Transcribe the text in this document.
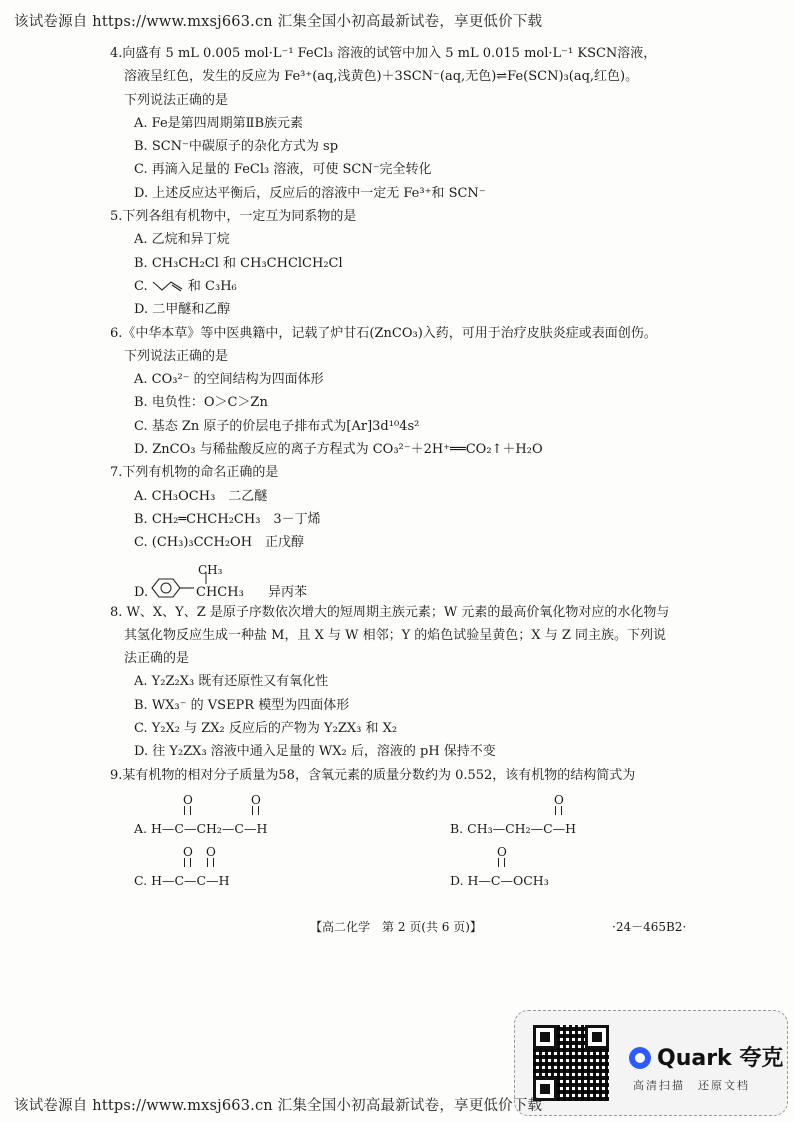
该试卷源自 https://www.mxsj663.cn 汇集全国小初高最新试卷，享更低价下载
4.向盛有 5 mL 0.005 mol·L⁻¹ FeCl₃ 溶液的试管中加入 5 mL 0.015 mol·L⁻¹ KSCN溶液，
溶液呈红色，发生的反应为 Fe³⁺(aq,浅黄色)＋3SCN⁻(aq,无色)⇌Fe(SCN)₃(aq,红色)。
下列说法正确的是
A. Fe是第四周期第ⅡB族元素
B. SCN⁻中碳原子的杂化方式为 sp
C. 再滴入足量的 FeCl₃ 溶液，可使 SCN⁻完全转化
D. 上述反应达平衡后，反应后的溶液中一定无 Fe³⁺和 SCN⁻
5.下列各组有机物中，一定互为同系物的是
A. 乙烷和异丁烷
B. CH₃CH₂Cl 和 CH₃CHClCH₂Cl
C.	和 C₃H₆
D. 二甲醚和乙醇
6.《中华本草》等中医典籍中，记载了炉甘石(ZnCO₃)入药，可用于治疗皮肤炎症或表面创伤。
下列说法正确的是
A. CO₃²⁻ 的空间结构为四面体形
B. 电负性：O＞C＞Zn
C. 基态 Zn 原子的价层电子排布式为[Ar]3d¹⁰4s²
D. ZnCO₃ 与稀盐酸反应的离子方程式为 CO₃²⁻＋2H⁺══CO₂↑＋H₂O
7.下列有机物的命名正确的是
A. CH₃OCH₃　二乙醚
B. CH₂═CHCH₂CH₃　3－丁烯
C. (CH₃)₃CCH₂OH　正戊醇
D.
CH₃
CHCH₃ 异丙苯
8. W、X、Y、Z 是原子序数依次增大的短周期主族元素；W 元素的最高价氧化物对应的水化物与
其氢化物反应生成一种盐 M，且 X 与 W 相邻；Y 的焰色试验呈黄色；X 与 Z 同主族。下列说
法正确的是
A. Y₂Z₂X₃ 既有还原性又有氧化性
B. WX₃⁻ 的 VSEPR 模型为四面体形
C. Y₂X₂ 与 ZX₂ 反应后的产物为 Y₂ZX₃ 和 X₂
D. 往 Y₂ZX₃ 溶液中通入足量的 WX₂ 后，溶液的 pH 保持不变
9.某有机物的相对分子质量为58，含氧元素的质量分数约为 0.552，该有机物的结构简式为
O	O
A. H—C—CH₂—C—H
O
B. CH₃—CH₂—C—H
O O
C. H—C—C—H
O
D. H—C—OCH₃
【高二化学　第 2 页(共 6 页)】	·24－465B2·
Quark 夸克
高清扫描　还原文档
该试卷源自 https://www.mxsj663.cn 汇集全国小初高最新试卷，享更低价下载
